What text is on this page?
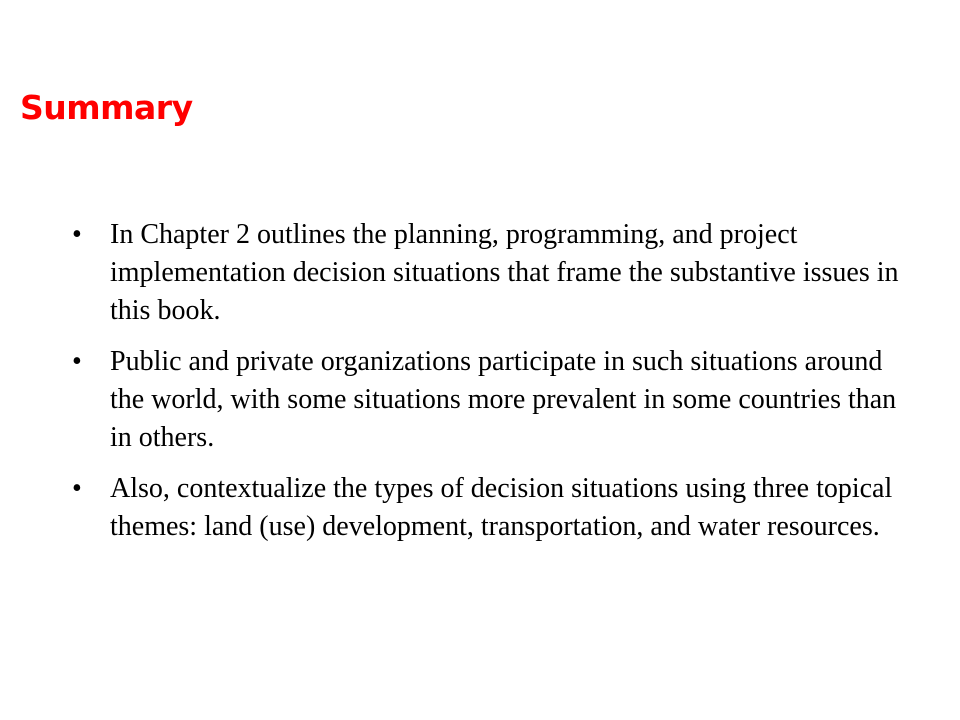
Summary
•	In Chapter 2 outlines the planning, programming, and project implementation decision situations that frame the substantive issues in this book.
•	Public and private organizations participate in such situations around the world, with some situations more prevalent in some countries than in others.
•	Also, contextualize the types of decision situations using three topical themes: land (use) development, transportation, and water resources.
